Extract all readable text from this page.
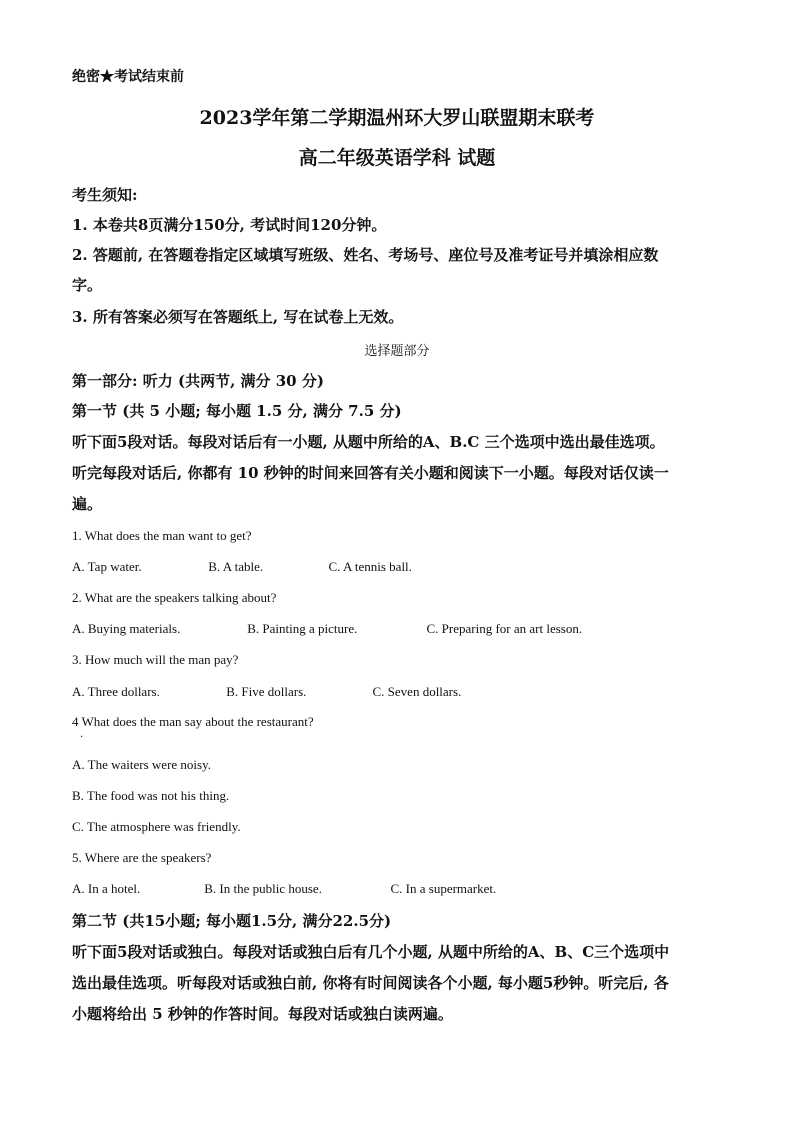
绝密★考试结束前
2023学年第二学期温州环大罗山联盟期末联考
高二年级英语学科 试题
考生须知:
1. 本卷共8页满分150分, 考试时间120分钟。
2. 答题前, 在答题卷指定区域填写班级、姓名、考场号、座位号及准考证号并填涂相应数
字。
3. 所有答案必须写在答题纸上, 写在试卷上无效。
选择题部分
第一部分: 听力 (共两节, 满分 30 分)
第一节 (共 5 小题; 每小题 1.5 分, 满分 7.5 分)
听下面5段对话。每段对话后有一小题, 从题中所给的A、B.C 三个选项中选出最佳选项。
听完每段对话后, 你都有 10 秒钟的时间来回答有关小题和阅读下一小题。每段对话仅读一
遍。
1. What does the man want to get?
A. Tap water.	B. A table.	C. A tennis ball.
2. What are the speakers talking about?
A. Buying materials.	B. Painting a picture.	C. Preparing for an art lesson.
3. How much will the man pay?
A. Three dollars.	B. Five dollars.	C. Seven dollars.
4 What does the man say about the restaurant?
·
A. The waiters were noisy.
B. The food was not his thing.
C. The atmosphere was friendly.
5. Where are the speakers?
A. In a hotel.	B. In the public house.	C. In a supermarket.
第二节 (共15小题; 每小题1.5分, 满分22.5分)
听下面5段对话或独白。每段对话或独白后有几个小题, 从题中所给的A、B、C三个选项中
选出最佳选项。听每段对话或独白前, 你将有时间阅读各个小题, 每小题5秒钟。听完后, 各
小题将给出 5 秒钟的作答时间。每段对话或独白读两遍。
